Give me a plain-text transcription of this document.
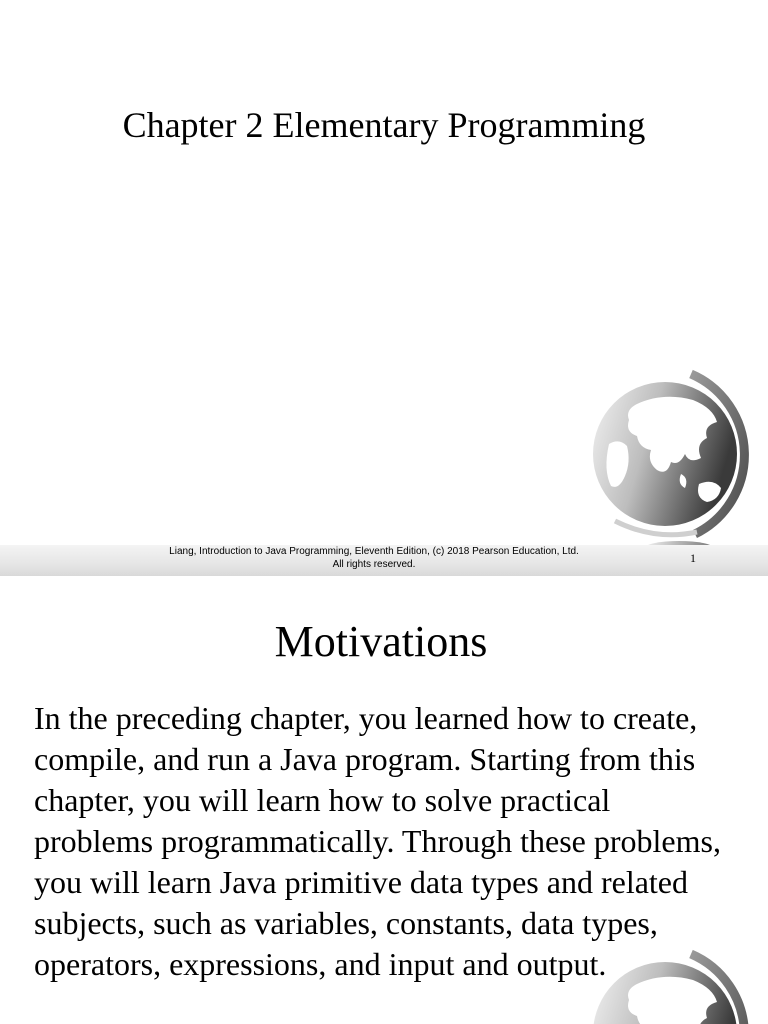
Chapter 2 Elementary Programming
Liang, Introduction to Java Programming, Eleventh Edition, (c) 2018 Pearson Education, Ltd.
All rights reserved.	1
Motivations

In the preceding chapter, you learned how to create, compile, and run a Java program. Starting from this chapter, you will learn how to solve practical problems programmatically. Through these problems, you will learn Java primitive data types and related subjects, such as variables, constants, data types, operators, expressions, and input and output.
